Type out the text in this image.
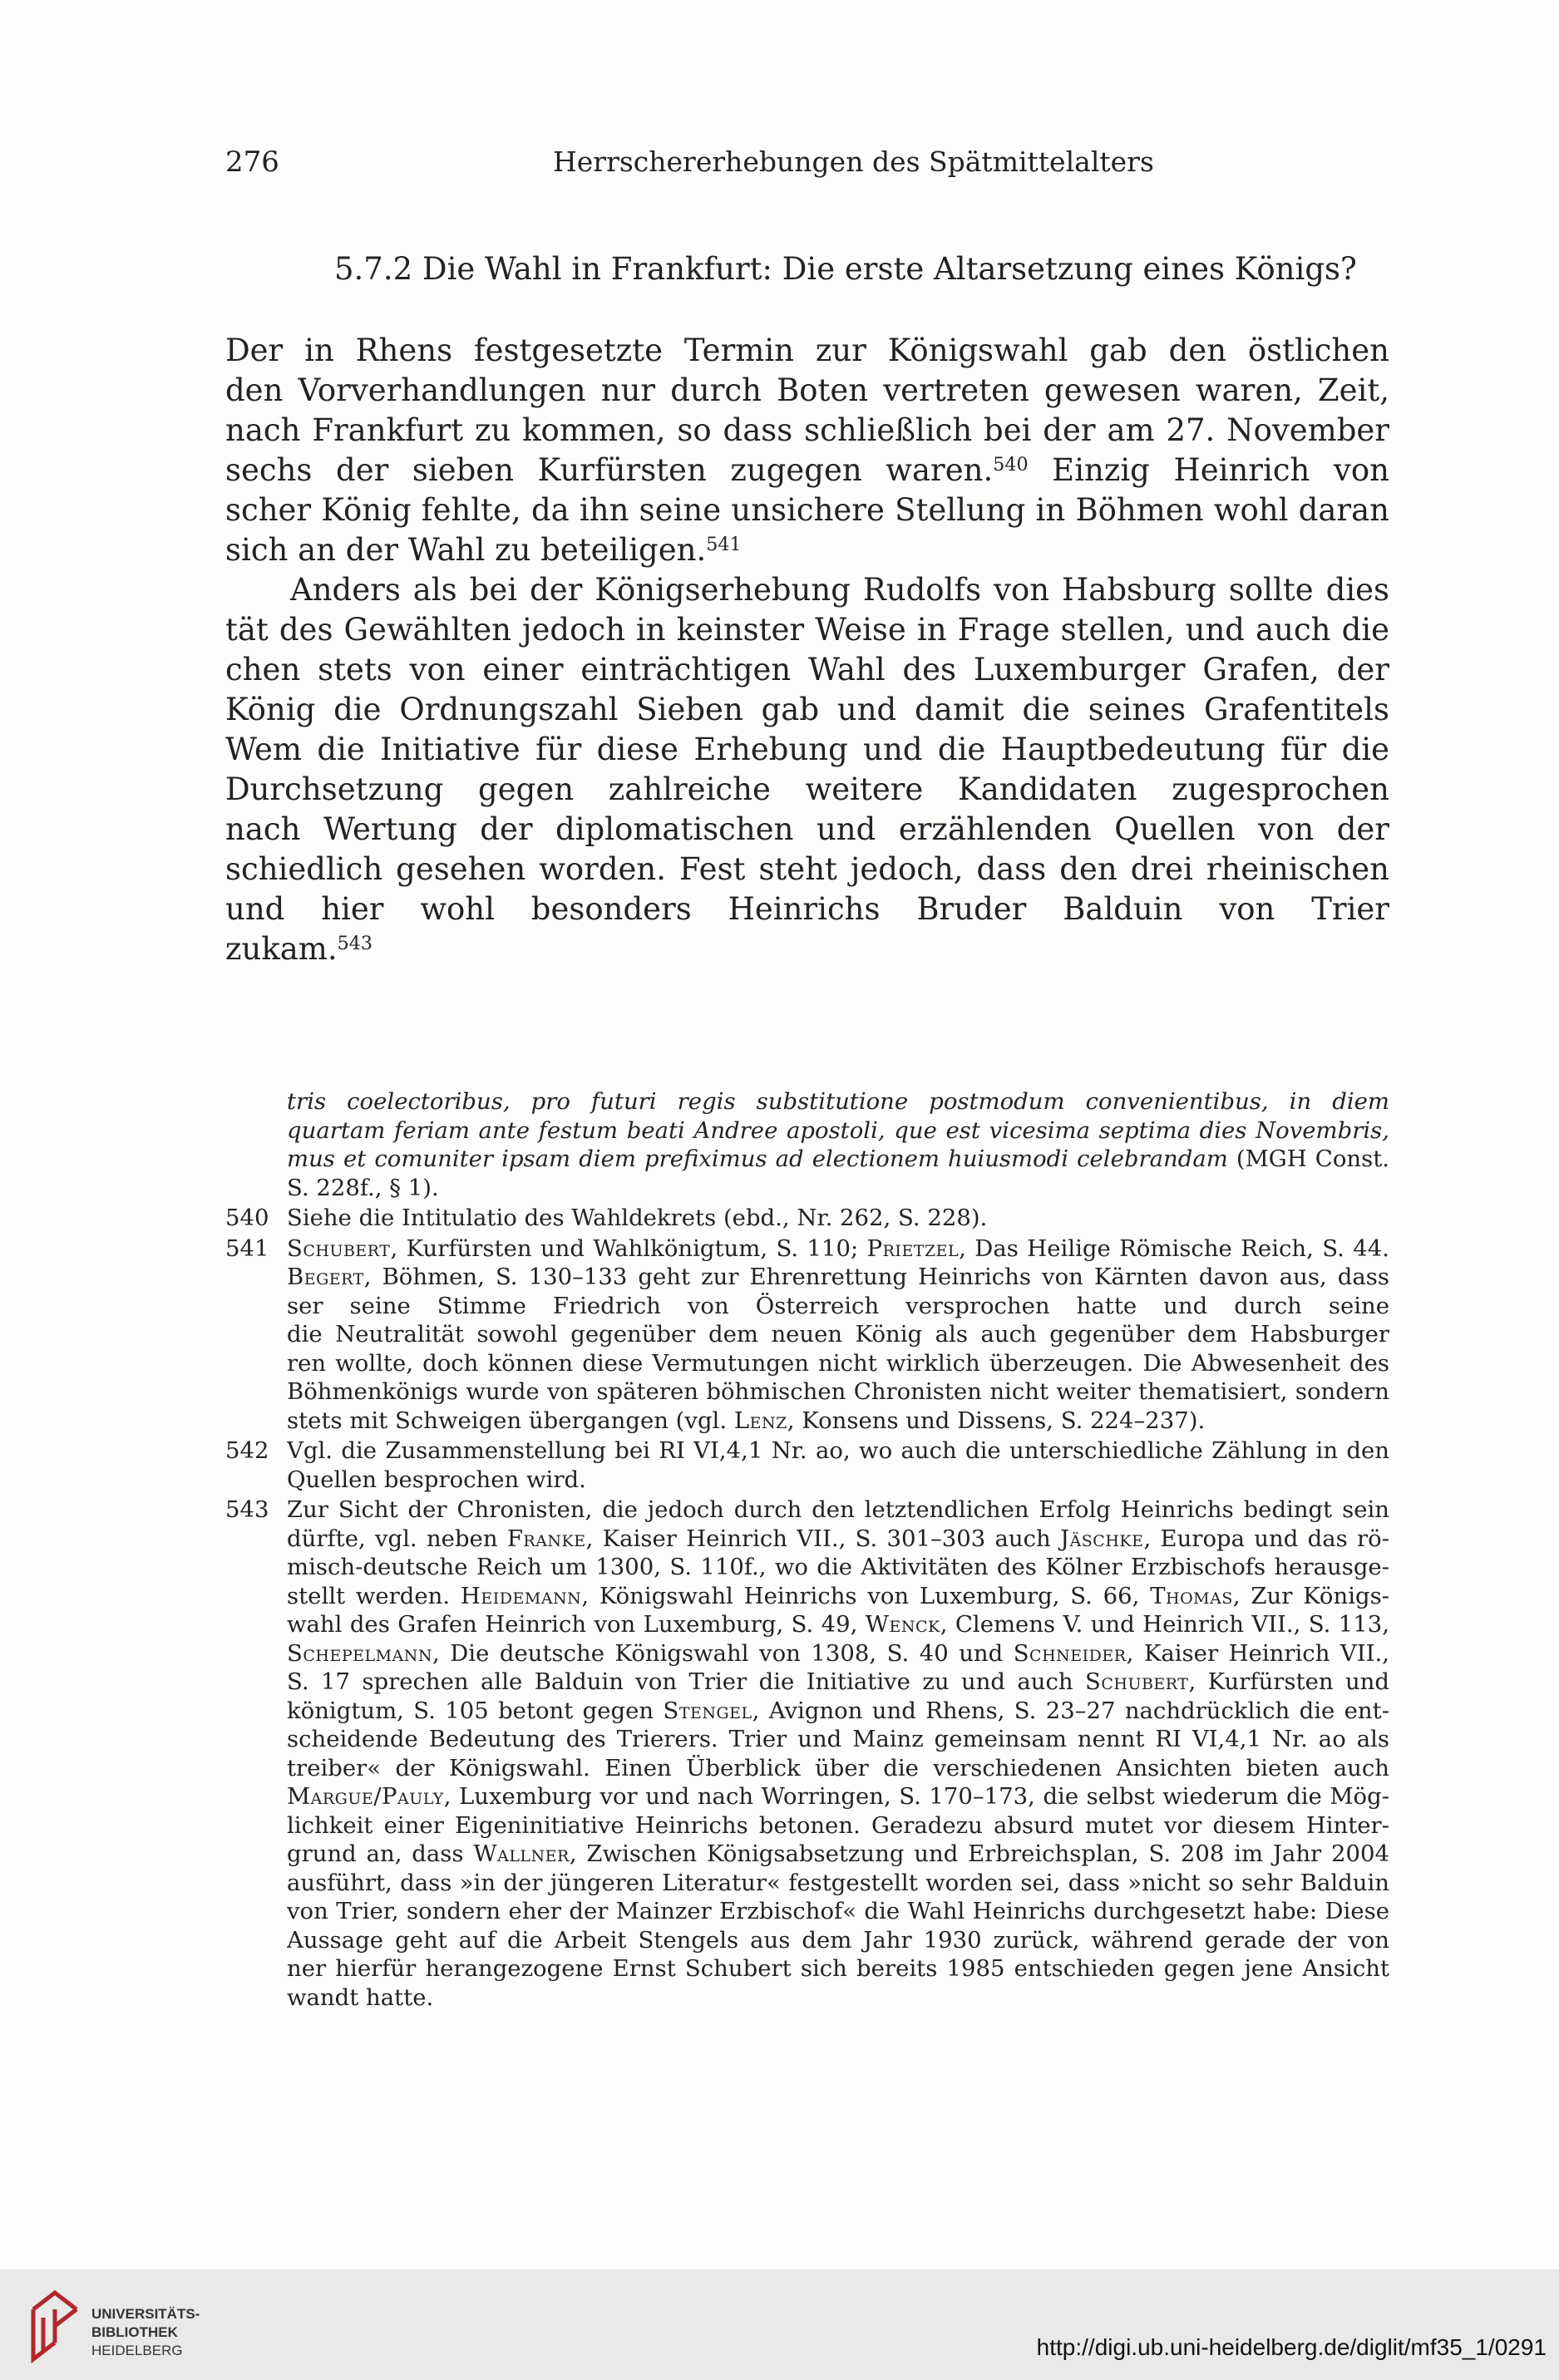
276	Herrschererhebungen des Spätmittelalters
5.7.2 Die Wahl in Frankfurt: Die erste Altarsetzung eines Königs?
Der in Rhens festgesetzte Termin zur Königswahl gab den östlichen
den Vorverhandlungen nur durch Boten vertreten gewesen waren, Zeit,
nach Frankfurt zu kommen, so dass schließlich bei der am 27. November
sechs der sieben Kurfürsten zugegen waren.$^{540}$ Einzig Heinrich von
scher König fehlte, da ihn seine unsichere Stellung in Böhmen wohl daran
sich an der Wahl zu beteiligen.$^{541}$
Anders als bei der Königserhebung Rudolfs von Habsburg sollte dies
tät des Gewählten jedoch in keinster Weise in Frage stellen, und auch die
chen stets von einer einträchtigen Wahl des Luxemburger Grafen, der
König die Ordnungszahl Sieben gab und damit die seines Grafentitels
Wem die Initiative für diese Erhebung und die Hauptbedeutung für die
Durchsetzung gegen zahlreiche weitere Kandidaten zugesprochen
nach Wertung der diplomatischen und erzählenden Quellen von der
schiedlich gesehen worden. Fest steht jedoch, dass den drei rheinischen
und hier wohl besonders Heinrichs Bruder Balduin von Trier
zukam.$^{543}$
tris coelectoribus, pro futuri regis substitutione postmodum convenientibus, in diem
quartam feriam ante festum beati Andree apostoli, que est vicesima septima dies Novembris,
mus et comuniter ipsam diem prefiximus ad electionem huiusmodi celebrandam (MGH Const.
S. 228f., § 1).
540 Siehe die Intitulatio des Wahldekrets (ebd., Nr. 262, S. 228).
541 Schubert, Kurfürsten und Wahlkönigtum, S. 110; Prietzel, Das Heilige Römische Reich, S. 44.
Begert, Böhmen, S. 130–133 geht zur Ehrenrettung Heinrichs von Kärnten davon aus, dass
ser seine Stimme Friedrich von Österreich versprochen hatte und durch seine
die Neutralität sowohl gegenüber dem neuen König als auch gegenüber dem Habsburger
ren wollte, doch können diese Vermutungen nicht wirklich überzeugen. Die Abwesenheit des
Böhmenkönigs wurde von späteren böhmischen Chronisten nicht weiter thematisiert, sondern
stets mit Schweigen übergangen (vgl. Lenz, Konsens und Dissens, S. 224–237).
542 Vgl. die Zusammenstellung bei RI VI,4,1 Nr. ao, wo auch die unterschiedliche Zählung in den
Quellen besprochen wird.
543 Zur Sicht der Chronisten, die jedoch durch den letztendlichen Erfolg Heinrichs bedingt sein
dürfte, vgl. neben Franke, Kaiser Heinrich VII., S. 301–303 auch Jäschke, Europa und das rö-
misch-deutsche Reich um 1300, S. 110f., wo die Aktivitäten des Kölner Erzbischofs herausge-
stellt werden. Heidemann, Königswahl Heinrichs von Luxemburg, S. 66, Thomas, Zur Königs-
wahl des Grafen Heinrich von Luxemburg, S. 49, Wenck, Clemens V. und Heinrich VII., S. 113,
Schepelmann, Die deutsche Königswahl von 1308, S. 40 und Schneider, Kaiser Heinrich VII.,
S. 17 sprechen alle Balduin von Trier die Initiative zu und auch Schubert, Kurfürsten und
königtum, S. 105 betont gegen Stengel, Avignon und Rhens, S. 23–27 nachdrücklich die ent-
scheidende Bedeutung des Trierers. Trier und Mainz gemeinsam nennt RI VI,4,1 Nr. ao als
treiber« der Königswahl. Einen Überblick über die verschiedenen Ansichten bieten auch
Margue/Pauly, Luxemburg vor und nach Worringen, S. 170–173, die selbst wiederum die Mög-
lichkeit einer Eigeninitiative Heinrichs betonen. Geradezu absurd mutet vor diesem Hinter-
grund an, dass Wallner, Zwischen Königsabsetzung und Erbreichsplan, S. 208 im Jahr 2004
ausführt, dass »in der jüngeren Literatur« festgestellt worden sei, dass »nicht so sehr Balduin
von Trier, sondern eher der Mainzer Erzbischof« die Wahl Heinrichs durchgesetzt habe: Diese
Aussage geht auf die Arbeit Stengels aus dem Jahr 1930 zurück, während gerade der von
ner hierfür herangezogene Ernst Schubert sich bereits 1985 entschieden gegen jene Ansicht
wandt hatte.
UNIVERSITÄTS-
BIBLIOTHEK
HEIDELBERG	http://digi.ub.uni-heidelberg.de/diglit/mf35_1/0291
